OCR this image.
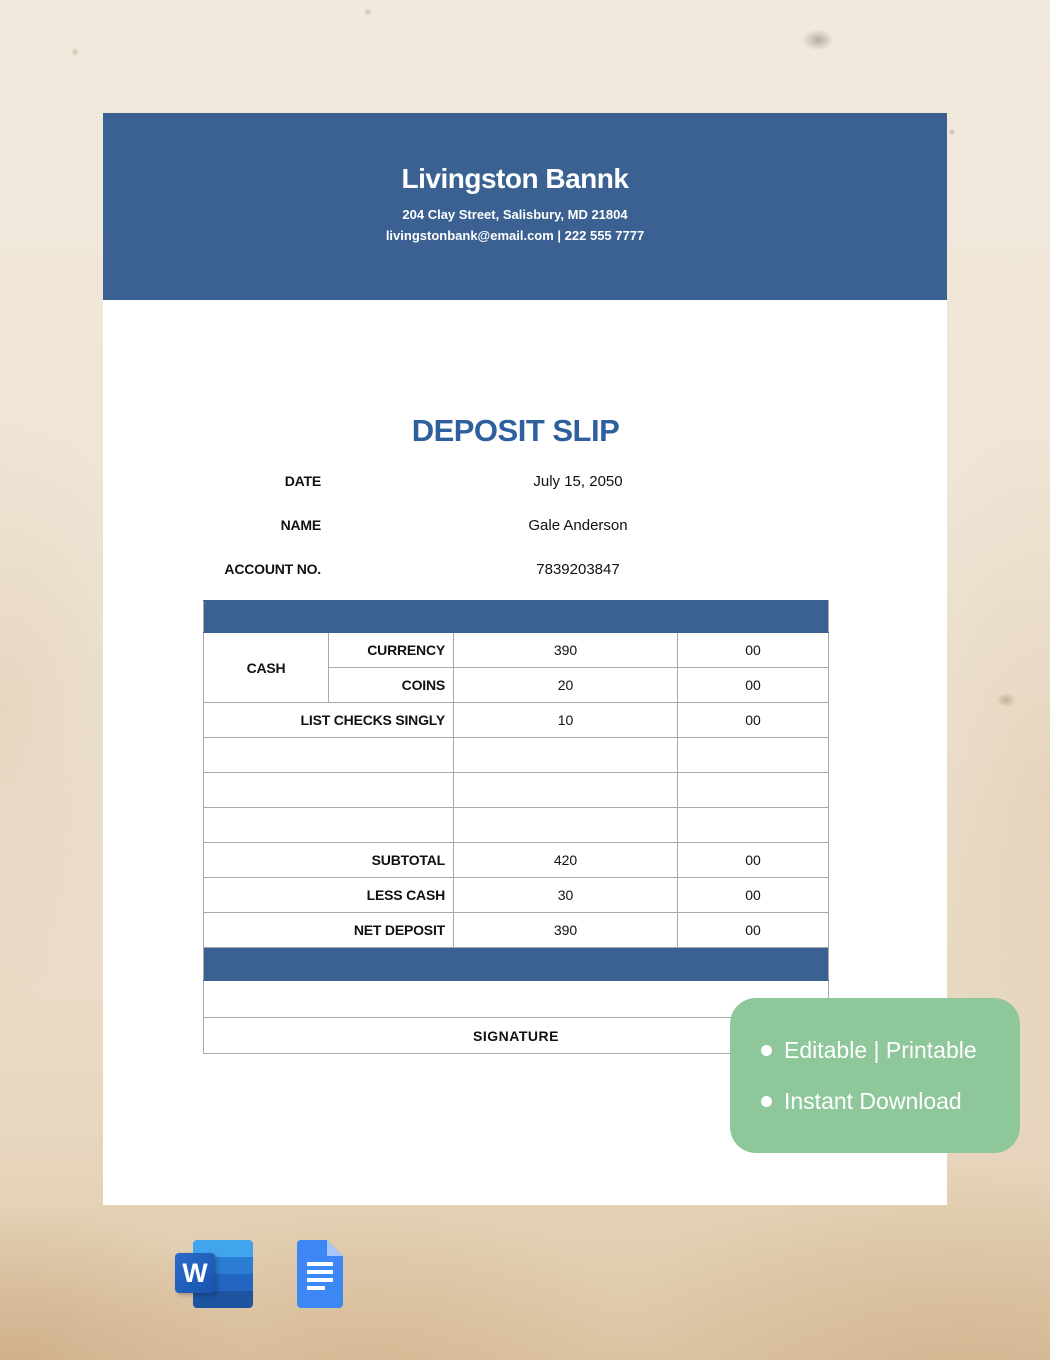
Livingston Bannk
204 Clay Street, Salisbury, MD 21804
livingstonbank@email.com | 222 555 7777
DEPOSIT SLIP
DATE	July 15, 2050
NAME	Gale Anderson
ACCOUNT NO.	7839203847

CASH	CURRENCY	390	00
	COINS	20	00
LIST CHECKS SINGLY		10	00

SUBTOTAL		420	00
LESS CASH		30	00
NET DEPOSIT		390	00

SIGNATURE			
Editable | Printable
Instant Download
W
